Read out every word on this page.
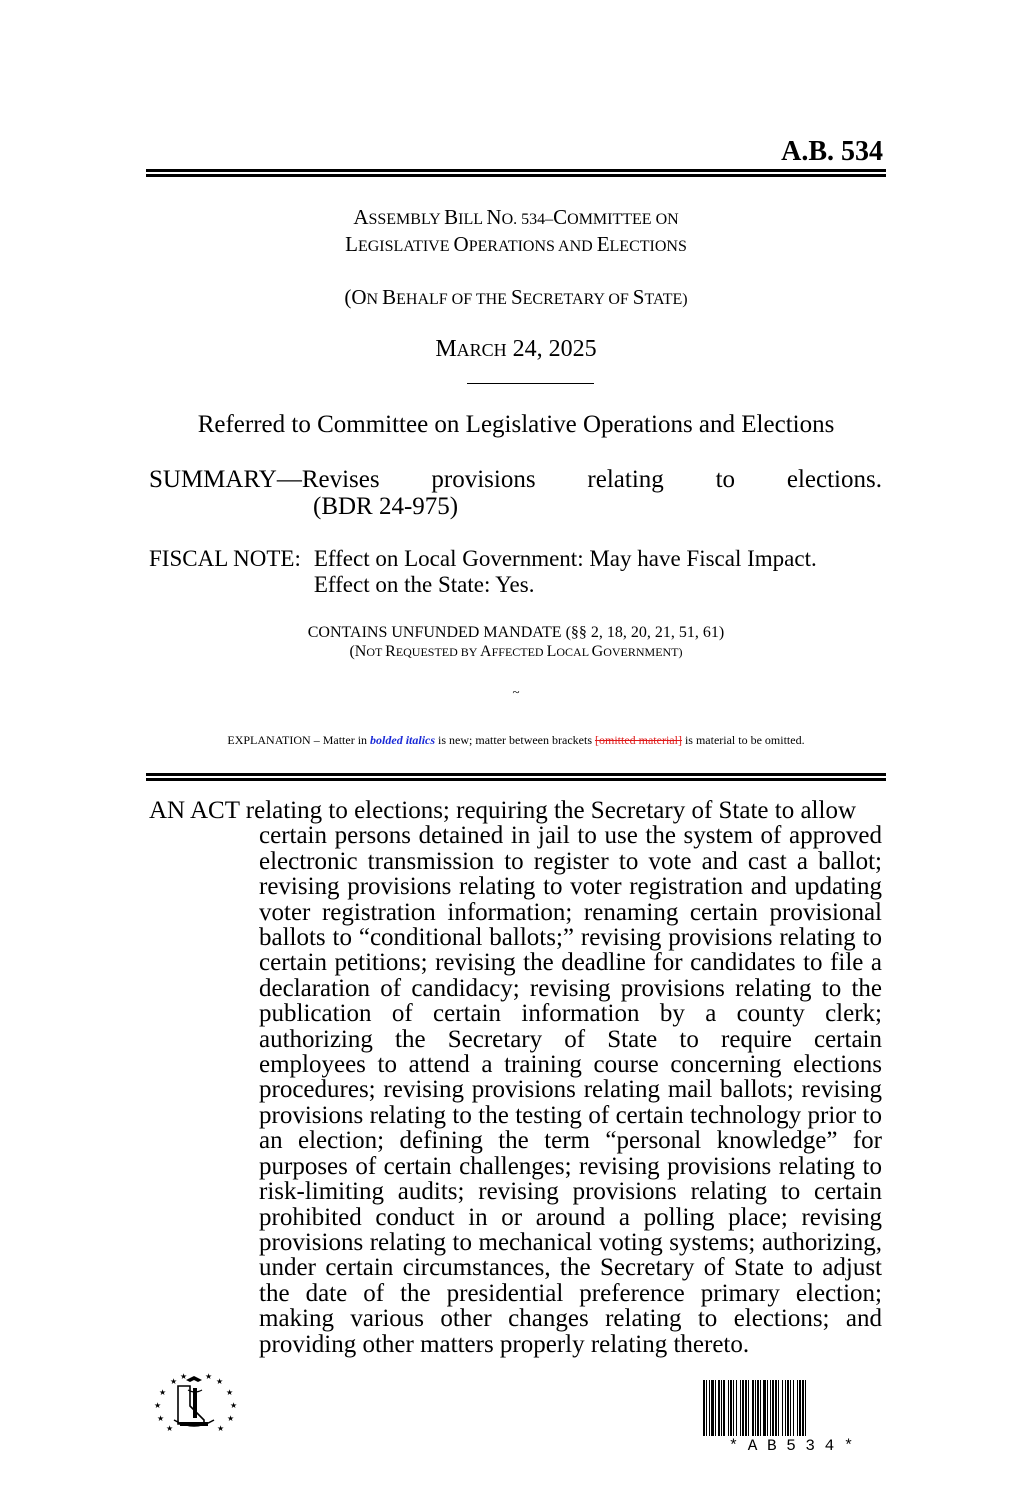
A.B. 534
ASSEMBLY BILL NO. 534–COMMITTEE ON
LEGISLATIVE OPERATIONS AND ELECTIONS
(ON BEHALF OF THE SECRETARY OF STATE)
MARCH 24, 2025
Referred to Committee on Legislative Operations and Elections
SUMMARY—Revises provisions relating to elections.
(BDR 24-975)
FISCAL NOTE:	Effect on Local Government: May have Fiscal Impact.
	Effect on the State: Yes.
CONTAINS UNFUNDED MANDATE (§§ 2, 18, 20, 21, 51, 61)
(NOT REQUESTED BY AFFECTED LOCAL GOVERNMENT)
~
EXPLANATION – Matter in bolded italics is new; matter between brackets [omitted material] is material to be omitted.
AN ACT relating to elections; requiring the Secretary of State to allow
certain persons detained in jail to use the system of approved electronic transmission to register to vote and cast a ballot; revising provisions relating to voter registration and updating voter registration information; renaming certain provisional ballots to “conditional ballots;” revising provisions relating to certain petitions; revising the deadline for candidates to file a declaration of candidacy; revising provisions relating to the publication of certain information by a county clerk; authorizing the Secretary of State to require certain employees to attend a training course concerning elections procedures; revising provisions relating mail ballots; revising provisions relating to the testing of certain technology prior to an election; defining the term “personal knowledge” for purposes of certain challenges; revising provisions relating to risk-limiting audits; revising provisions relating to certain prohibited conduct in or around a polling place; revising provisions relating to mechanical voting systems; authorizing, under certain circumstances, the Secretary of State to adjust the date of the presidential preference primary election; making various other changes relating to elections; and providing other matters properly relating thereto.
★
★ ★
★
★	★
★	★
★	★
★	★
* A B 5 3 4 *
